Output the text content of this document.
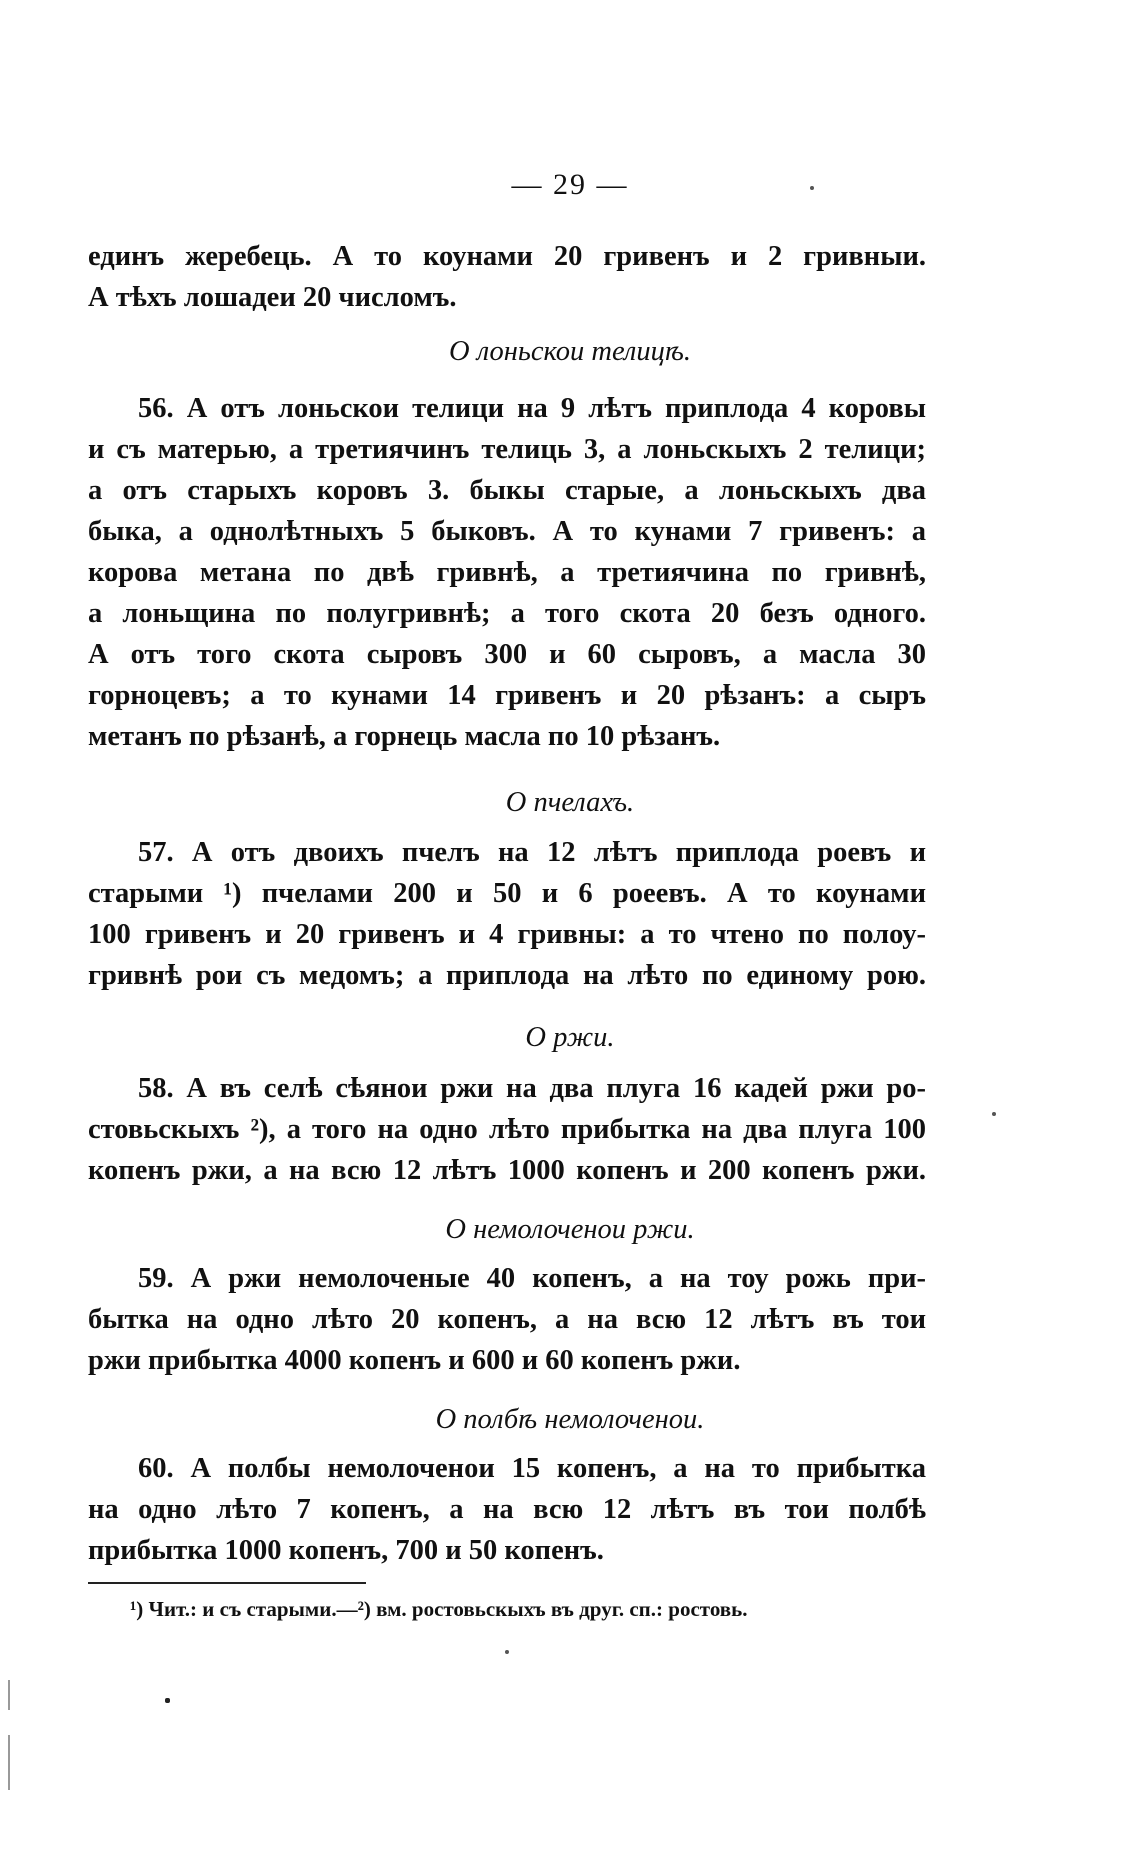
— 29 —

единъ жеребець. А то коунами 20 гривенъ и 2 гривныи.

А тѣхъ лошадеи 20 числомъ.

О лоньскои телицѣ.

56. А отъ лоньскои телици на 9 лѣтъ приплода 4 коровы

и съ матерью, а третиячинъ телиць 3, а лоньскыхъ 2 телици;

а отъ старыхъ коровъ 3. быкы старые, а лоньскыхъ два

быка, а однолѣтныхъ 5 быковъ. А то кунами 7 гривенъ: а

корова метана по двѣ гривнѣ, а третиячина по гривнѣ,

а лоньщина по полугривнѣ; а того скота 20 безъ одного.

А отъ того скота сыровъ 300 и 60 сыровъ, а масла 30

горноцевъ; а то кунами 14 гривенъ и 20 рѣзанъ: а сыръ

метанъ по рѣзанѣ, а горнець масла по 10 рѣзанъ.

О пчелахъ.

57. А отъ двоихъ пчелъ на 12 лѣтъ приплода роевъ и

старыми ¹) пчелами 200 и 50 и 6 роеевъ. А то коунами

100 гривенъ и 20 гривенъ и 4 гривны: а то чтено по полоу-

гривнѣ рои съ медомъ; а приплода на лѣто по единому рою.

О ржи.

58. А въ селѣ сѣянои ржи на два плуга 16 кадей ржи ро-

стовьскыхъ ²), а того на одно лѣто прибытка на два плуга 100

копенъ ржи, а на всю 12 лѣтъ 1000 копенъ и 200 копенъ ржи.

О немолоченои ржи.

59. А ржи немолоченые 40 копенъ, а на тоу рожь при-

бытка на одно лѣто 20 копенъ, а на всю 12 лѣтъ въ тои

ржи прибытка 4000 копенъ и 600 и 60 копенъ ржи.

О полбѣ немолоченои.

60. А полбы немолоченои 15 копенъ, а на то прибытка

на одно лѣто 7 копенъ, а на всю 12 лѣтъ въ тои полбѣ

прибытка 1000 копенъ, 700 и 50 копенъ.

¹) Чит.: и съ старыми.—²) вм. ростовьскыхъ въ друг. сп.: ростовь.
